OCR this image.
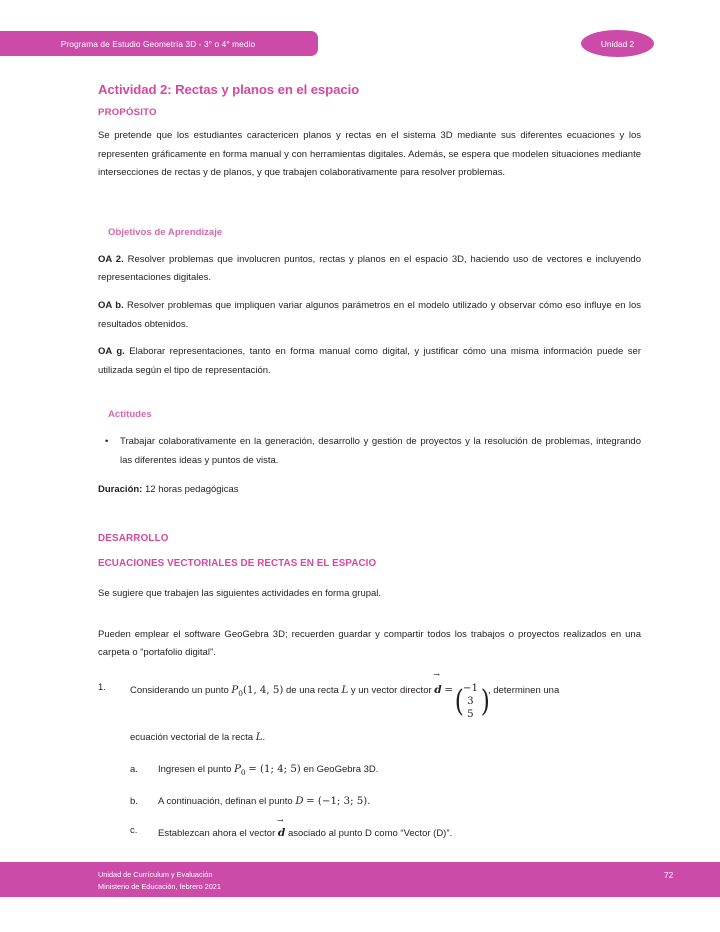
Programa de Estudio Geometría 3D - 3° o 4° medio	Unidad 2
Actividad 2: Rectas y planos en el espacio
PROPÓSITO

Se pretende que los estudiantes caractericen planos y rectas en el sistema 3D mediante sus diferentes ecuaciones y los representen gráficamente en forma manual y con herramientas digitales. Además, se espera que modelen situaciones mediante intersecciones de rectas y de planos, y que trabajen colaborativamente para resolver problemas.

Objetivos de Aprendizaje

OA 2. Resolver problemas que involucren puntos, rectas y planos en el espacio 3D, haciendo uso de vectores e incluyendo representaciones digitales.

OA b. Resolver problemas que impliquen variar algunos parámetros en el modelo utilizado y observar cómo eso influye en los resultados obtenidos.

OA g. Elaborar representaciones, tanto en forma manual como digital, y justificar cómo una misma información puede ser utilizada según el tipo de representación.

Actitudes
•	Trabajar colaborativamente en la generación, desarrollo y gestión de proyectos y la resolución de problemas, integrando las diferentes ideas y puntos de vista.

Duración: 12 horas pedagógicas

DESARROLLO
ECUACIONES VECTORIALES DE RECTAS EN EL ESPACIO

Se sugiere que trabajen las siguientes actividades en forma grupal.

Pueden emplear el software GeoGebra 3D; recuerden guardar y compartir todos los trabajos o proyectos realizados en una carpeta o “portafolio digital”.

1.	Considerando un punto $P_0(1$, 4, 5) de una recta L y un vector director
→
d = ( −1
3
5 )
, determinen una
ecuación vectorial de la recta L.
a.	Ingresen el punto $P_0 = (1$; 4; 5) en GeoGebra 3D.
b.	A continuación, definan el punto D = (−1; 3; 5).
c.	Establezcan ahora el vector
→
d asociado al punto D como “Vector (D)”.
Unidad de Currículum y Evaluación
Ministerio de Educación, febrero 2021
72
